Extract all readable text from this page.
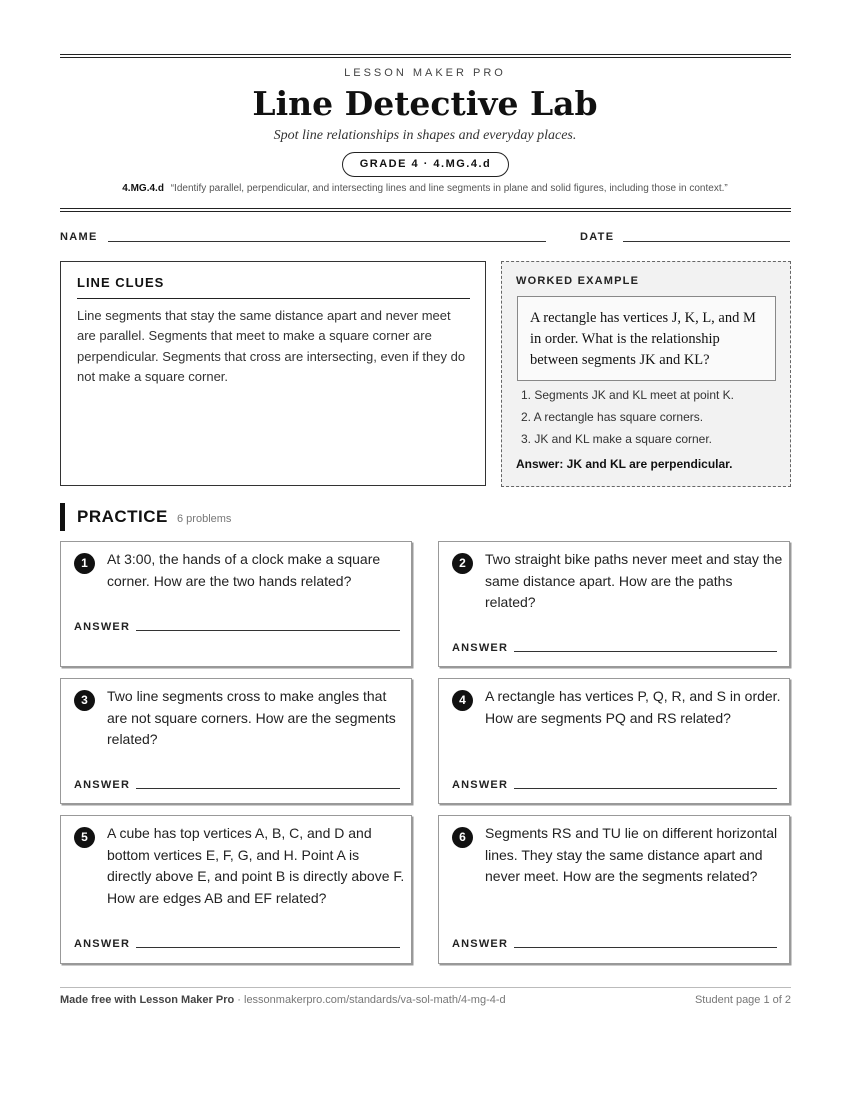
LESSON MAKER PRO
Line Detective Lab
Spot line relationships in shapes and everyday places.
GRADE 4 · 4.MG.4.d
4.MG.4.d “Identify parallel, perpendicular, and intersecting lines and line segments in plane and solid figures, including those in context.”
NAME	DATE
LINE CLUES
Line segments that stay the same distance apart and never meet are parallel. Segments that meet to make a square corner are perpendicular. Segments that cross are intersecting, even if they do not make a square corner.
WORKED EXAMPLE
A rectangle has vertices J, K, L, and M in order. What is the relationship between segments JK and KL?
1. Segments JK and KL meet at point K.
2. A rectangle has square corners.
3. JK and KL make a square corner.
Answer: JK and KL are perpendicular.
PRACTICE 6 problems
1	At 3:00, the hands of a clock make a square corner. How are the two hands related?
ANSWER
2	Two straight bike paths never meet and stay the same distance apart. How are the paths related?
ANSWER
3	Two line segments cross to make angles that are not square corners. How are the segments related?
ANSWER
4	A rectangle has vertices P, Q, R, and S in order. How are segments PQ and RS related?
ANSWER
5	A cube has top vertices A, B, C, and D and bottom vertices E, F, G, and H. Point A is directly above E, and point B is directly above F. How are edges AB and EF related?
ANSWER
6	Segments RS and TU lie on different horizontal lines. They stay the same distance apart and never meet. How are the segments related?
ANSWER
Made free with Lesson Maker Pro · lessonmakerpro.com/standards/va-sol-math/4-mg-4-d	Student page 1 of 2
